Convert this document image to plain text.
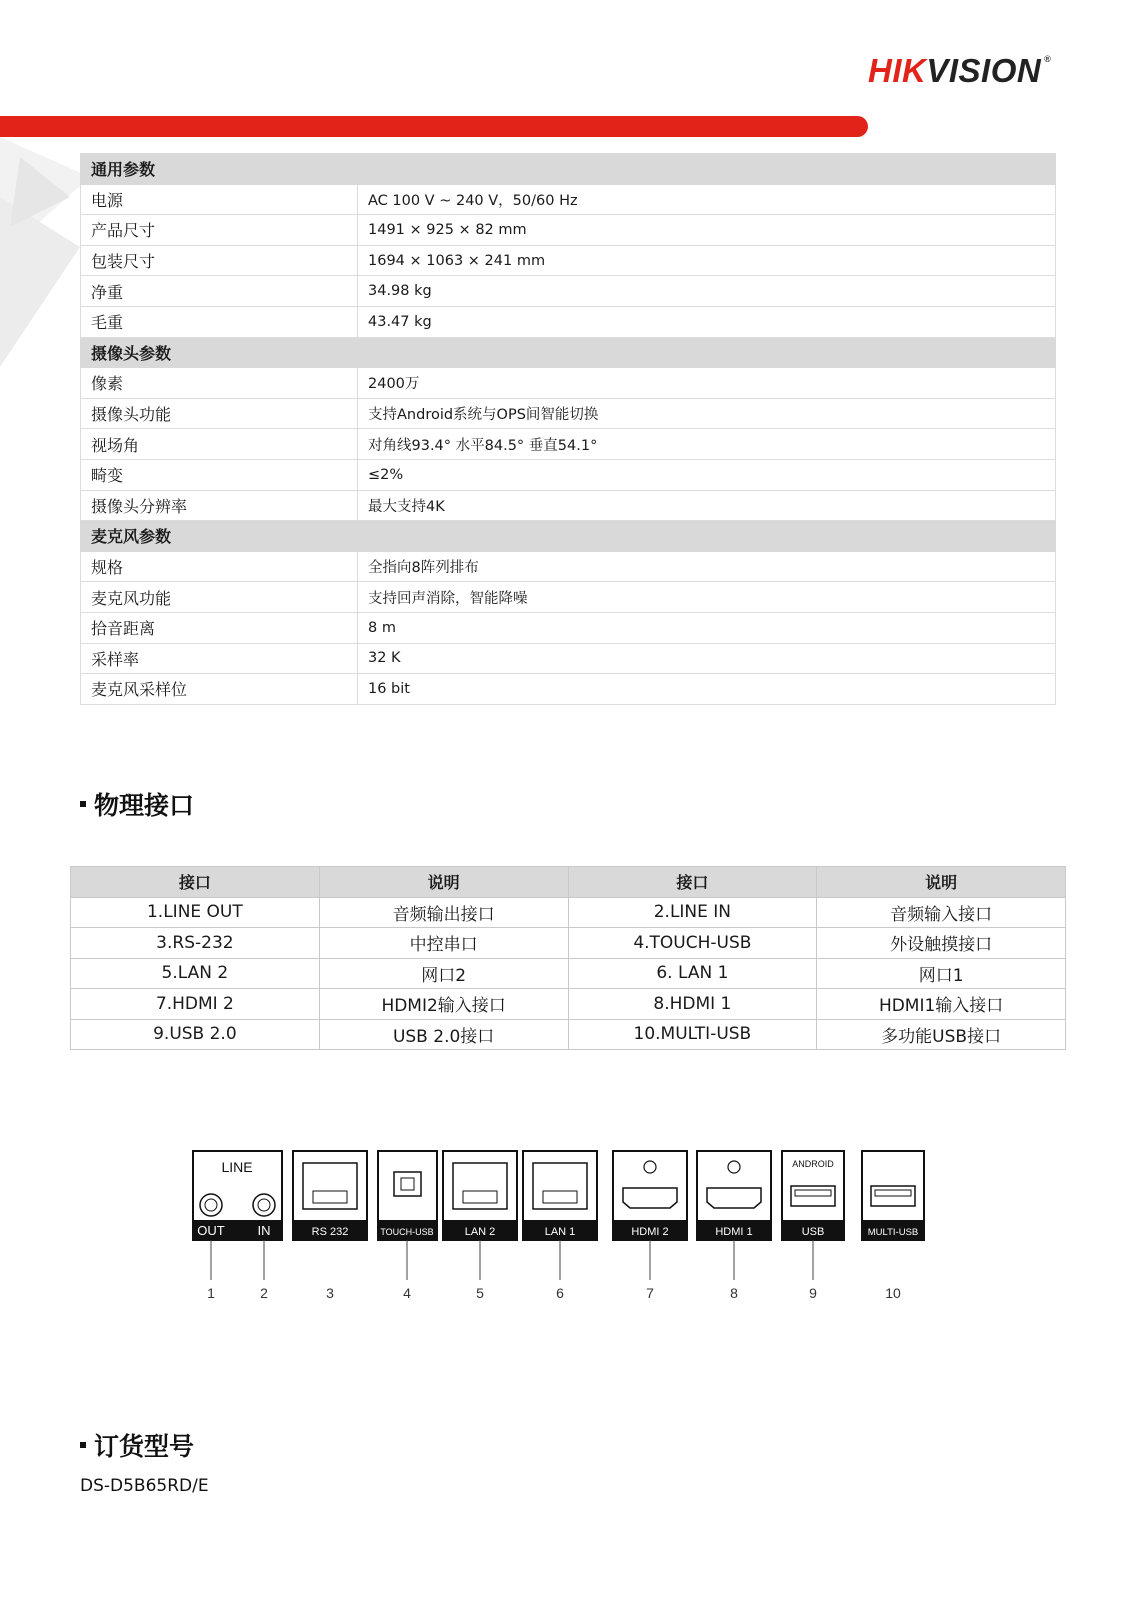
HIKVISION ®
通用参数	
电源	AC 100 V ~ 240 V，50/60 Hz
产品尺寸	1491 × 925 × 82 mm
包装尺寸	1694 × 1063 × 241 mm
净重	34.98 kg
毛重	43.47 kg
摄像头参数	
像素	2400万
摄像头功能	支持Android系统与OPS间智能切换
视场角	对角线93.4° 水平84.5° 垂直54.1°
畸变	≤2%
摄像头分辨率	最大支持4K
麦克风参数	
规格	全指向8阵列排布
麦克风功能	支持回声消除，智能降噪
拾音距离	8 m
采样率	32 K
麦克风采样位	16 bit
物理接口
接口	说明	接口	说明
1.LINE OUT	音频输出接口	2.LINE IN	音频输入接口
3.RS-232	中控串口	4.TOUCH-USB	外设触摸接口
5.LAN 2	网口2	6. LAN 1	网口1
7.HDMI 2	HDMI2输入接口	8.HDMI 1	HDMI1输入接口
9.USB 2.0	USB 2.0接口	10.MULTI-USB	多功能USB接口
LINE
OUT	IN	RS 232	TOUCH-USB	LAN 2	LAN 1	HDMI 2	HDMI 1
ANDROID
USB	MULTI-USB
1	2	3	4	5	6	7	8	9	10
订货型号
DS-D5B65RD/E
